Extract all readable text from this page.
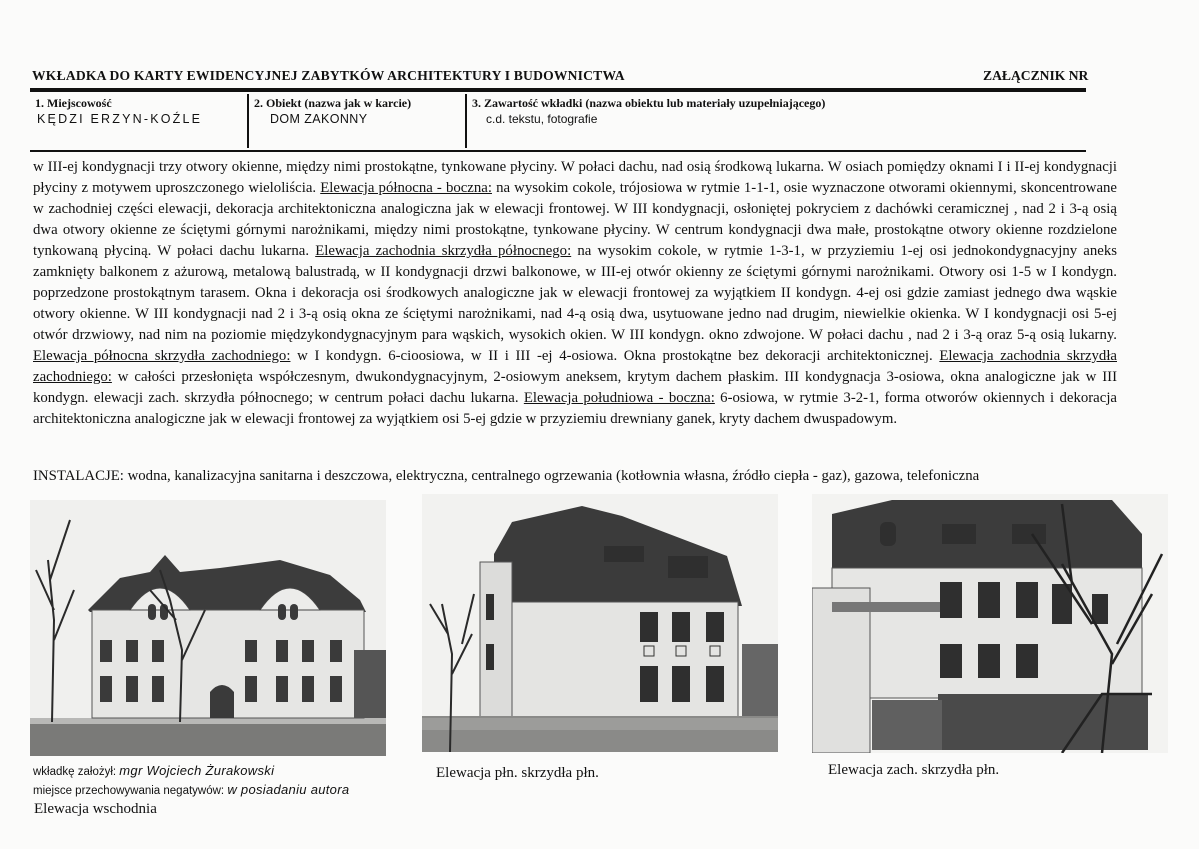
WKŁADKA DO KARTY EWIDENCYJNEJ ZABYTKÓW ARCHITEKTURY I BUDOWNICTWA	ZAŁĄCZNIK NR
1. Miejscowość
KĘDZI ERZYN-KOŹLE
2. Obiekt (nazwa jak w karcie)
DOM ZAKONNY
3. Zawartość wkładki (nazwa obiektu lub materiały uzupełniającego)
c.d. tekstu, fotografie
w III-ej kondygnacji trzy otwory okienne, między nimi prostokątne, tynkowane płyciny. W połaci dachu, nad osią środkową lukarna. W osiach pomiędzy oknami I i II-ej kondygnacji płyciny z motywem uproszczonego wieloliścia. Elewacja północna - boczna: na wysokim cokole, trójosiowa w rytmie 1-1-1, osie wyznaczone otworami okiennymi, skoncentrowane w zachodniej części elewacji, dekoracja architektoniczna analogiczna jak w elewacji frontowej. W III kondygnacji, osłoniętej pokryciem z dachówki ceramicznej , nad 2 i 3-ą osią dwa otwory okienne ze ściętymi górnymi narożnikami, między nimi prostokątne, tynkowane płyciny. W centrum kondygnacji dwa małe, prostokątne otwory okienne rozdzielone tynkowaną płyciną. W połaci dachu lukarna. Elewacja zachodnia skrzydła północnego: na wysokim cokole, w rytmie 1-3-1, w przyziemiu 1-ej osi jednokondygnacyjny aneks zamknięty balkonem z ażurową, metalową balustradą, w II kondygnacji drzwi balkonowe, w III-ej otwór okienny ze ściętymi górnymi narożnikami. Otwory osi 1-5 w I kondygn. poprzedzone prostokątnym tarasem. Okna i dekoracja osi środkowych analogiczne jak w elewacji frontowej za wyjątkiem II kondygn. 4-ej osi gdzie zamiast jednego dwa wąskie otwory okienne. W III kondygnacji nad 2 i 3-ą osią okna ze ściętymi narożnikami, nad 4-ą osią dwa, usytuowane jedno nad drugim, niewielkie okienka. W I kondygnacji osi 5-ej otwór drzwiowy, nad nim na poziomie międzykondygnacyjnym para wąskich, wysokich okien. W III kondygn. okno zdwojone. W połaci dachu , nad 2 i 3-ą oraz 5-ą osią lukarny. Elewacja północna skrzydła zachodniego: w I kondygn. 6-cioosiowa, w II i III -ej 4-osiowa. Okna prostokątne bez dekoracji architektonicznej. Elewacja zachodnia skrzydła zachodniego: w całości przesłonięta współczesnym, dwukondygnacyjnym, 2-osiowym aneksem, krytym dachem płaskim. III kondygnacja 3-osiowa, okna analogiczne jak w III kondygn. elewacji zach. skrzydła północnego; w centrum połaci dachu lukarna. Elewacja południowa - boczna: 6-osiowa, w rytmie 3-2-1, forma otworów okiennych i dekoracja architektoniczna analogiczne jak w elewacji frontowej za wyjątkiem osi 5-ej gdzie w przyziemiu drewniany ganek, kryty dachem dwuspadowym.
INSTALACJE: wodna, kanalizacyjna sanitarna i deszczowa, elektryczna, centralnego ogrzewania (kotłownia własna, źródło ciepła - gaz), gazowa, telefoniczna
wkładkę założył: mgr Wojciech Żurakowski
miejsce przechowywania negatywów: w posiadaniu autora
Elewacja wschodnia
Elewacja płn. skrzydła płn.	Elewacja zach. skrzydła płn.
